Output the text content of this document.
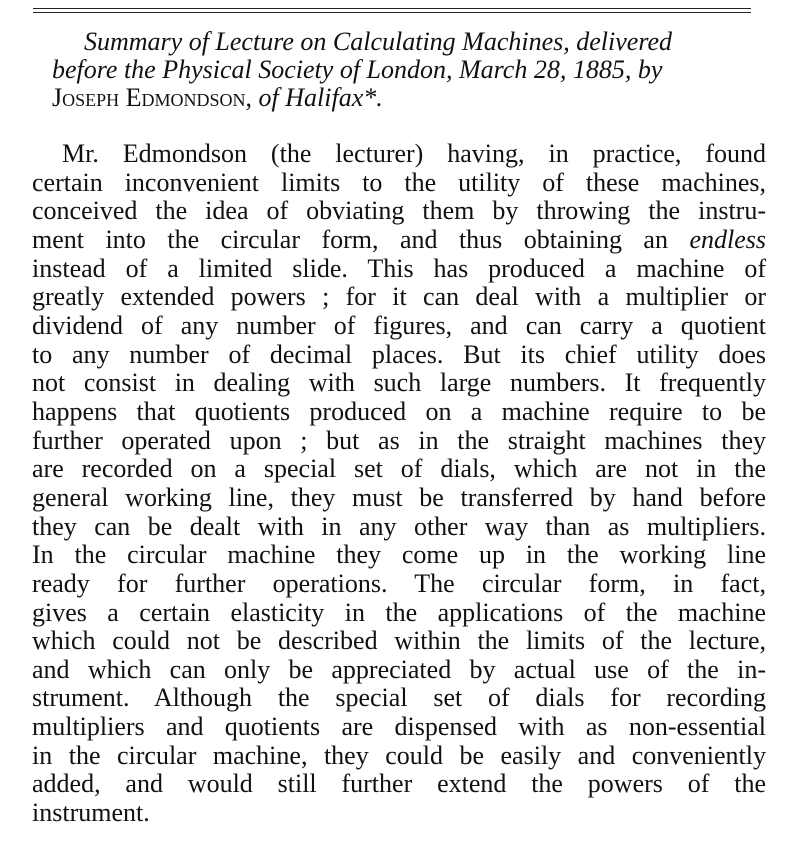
Summary of Lecture on Calculating Machines, delivered
before the Physical Society of London, March 28, 1885, by
Joseph Edmondson, of Halifax*.
Mr. Edmondson (the lecturer) having, in practice, found
certain inconvenient limits to the utility of these machines,
conceived the idea of obviating them by throwing the instru-
ment into the circular form, and thus obtaining an endless
instead of a limited slide. This has produced a machine of
greatly extended powers ; for it can deal with a multiplier or
dividend of any number of figures, and can carry a quotient
to any number of decimal places. But its chief utility does
not consist in dealing with such large numbers. It frequently
happens that quotients produced on a machine require to be
further operated upon ; but as in the straight machines they
are recorded on a special set of dials, which are not in the
general working line, they must be transferred by hand before
they can be dealt with in any other way than as multipliers.
In the circular machine they come up in the working line
ready for further operations. The circular form, in fact,
gives a certain elasticity in the applications of the machine
which could not be described within the limits of the lecture,
and which can only be appreciated by actual use of the in-
strument. Although the special set of dials for recording
multipliers and quotients are dispensed with as non-essential
in the circular machine, they could be easily and conveniently
added, and would still further extend the powers of the
instrument.
